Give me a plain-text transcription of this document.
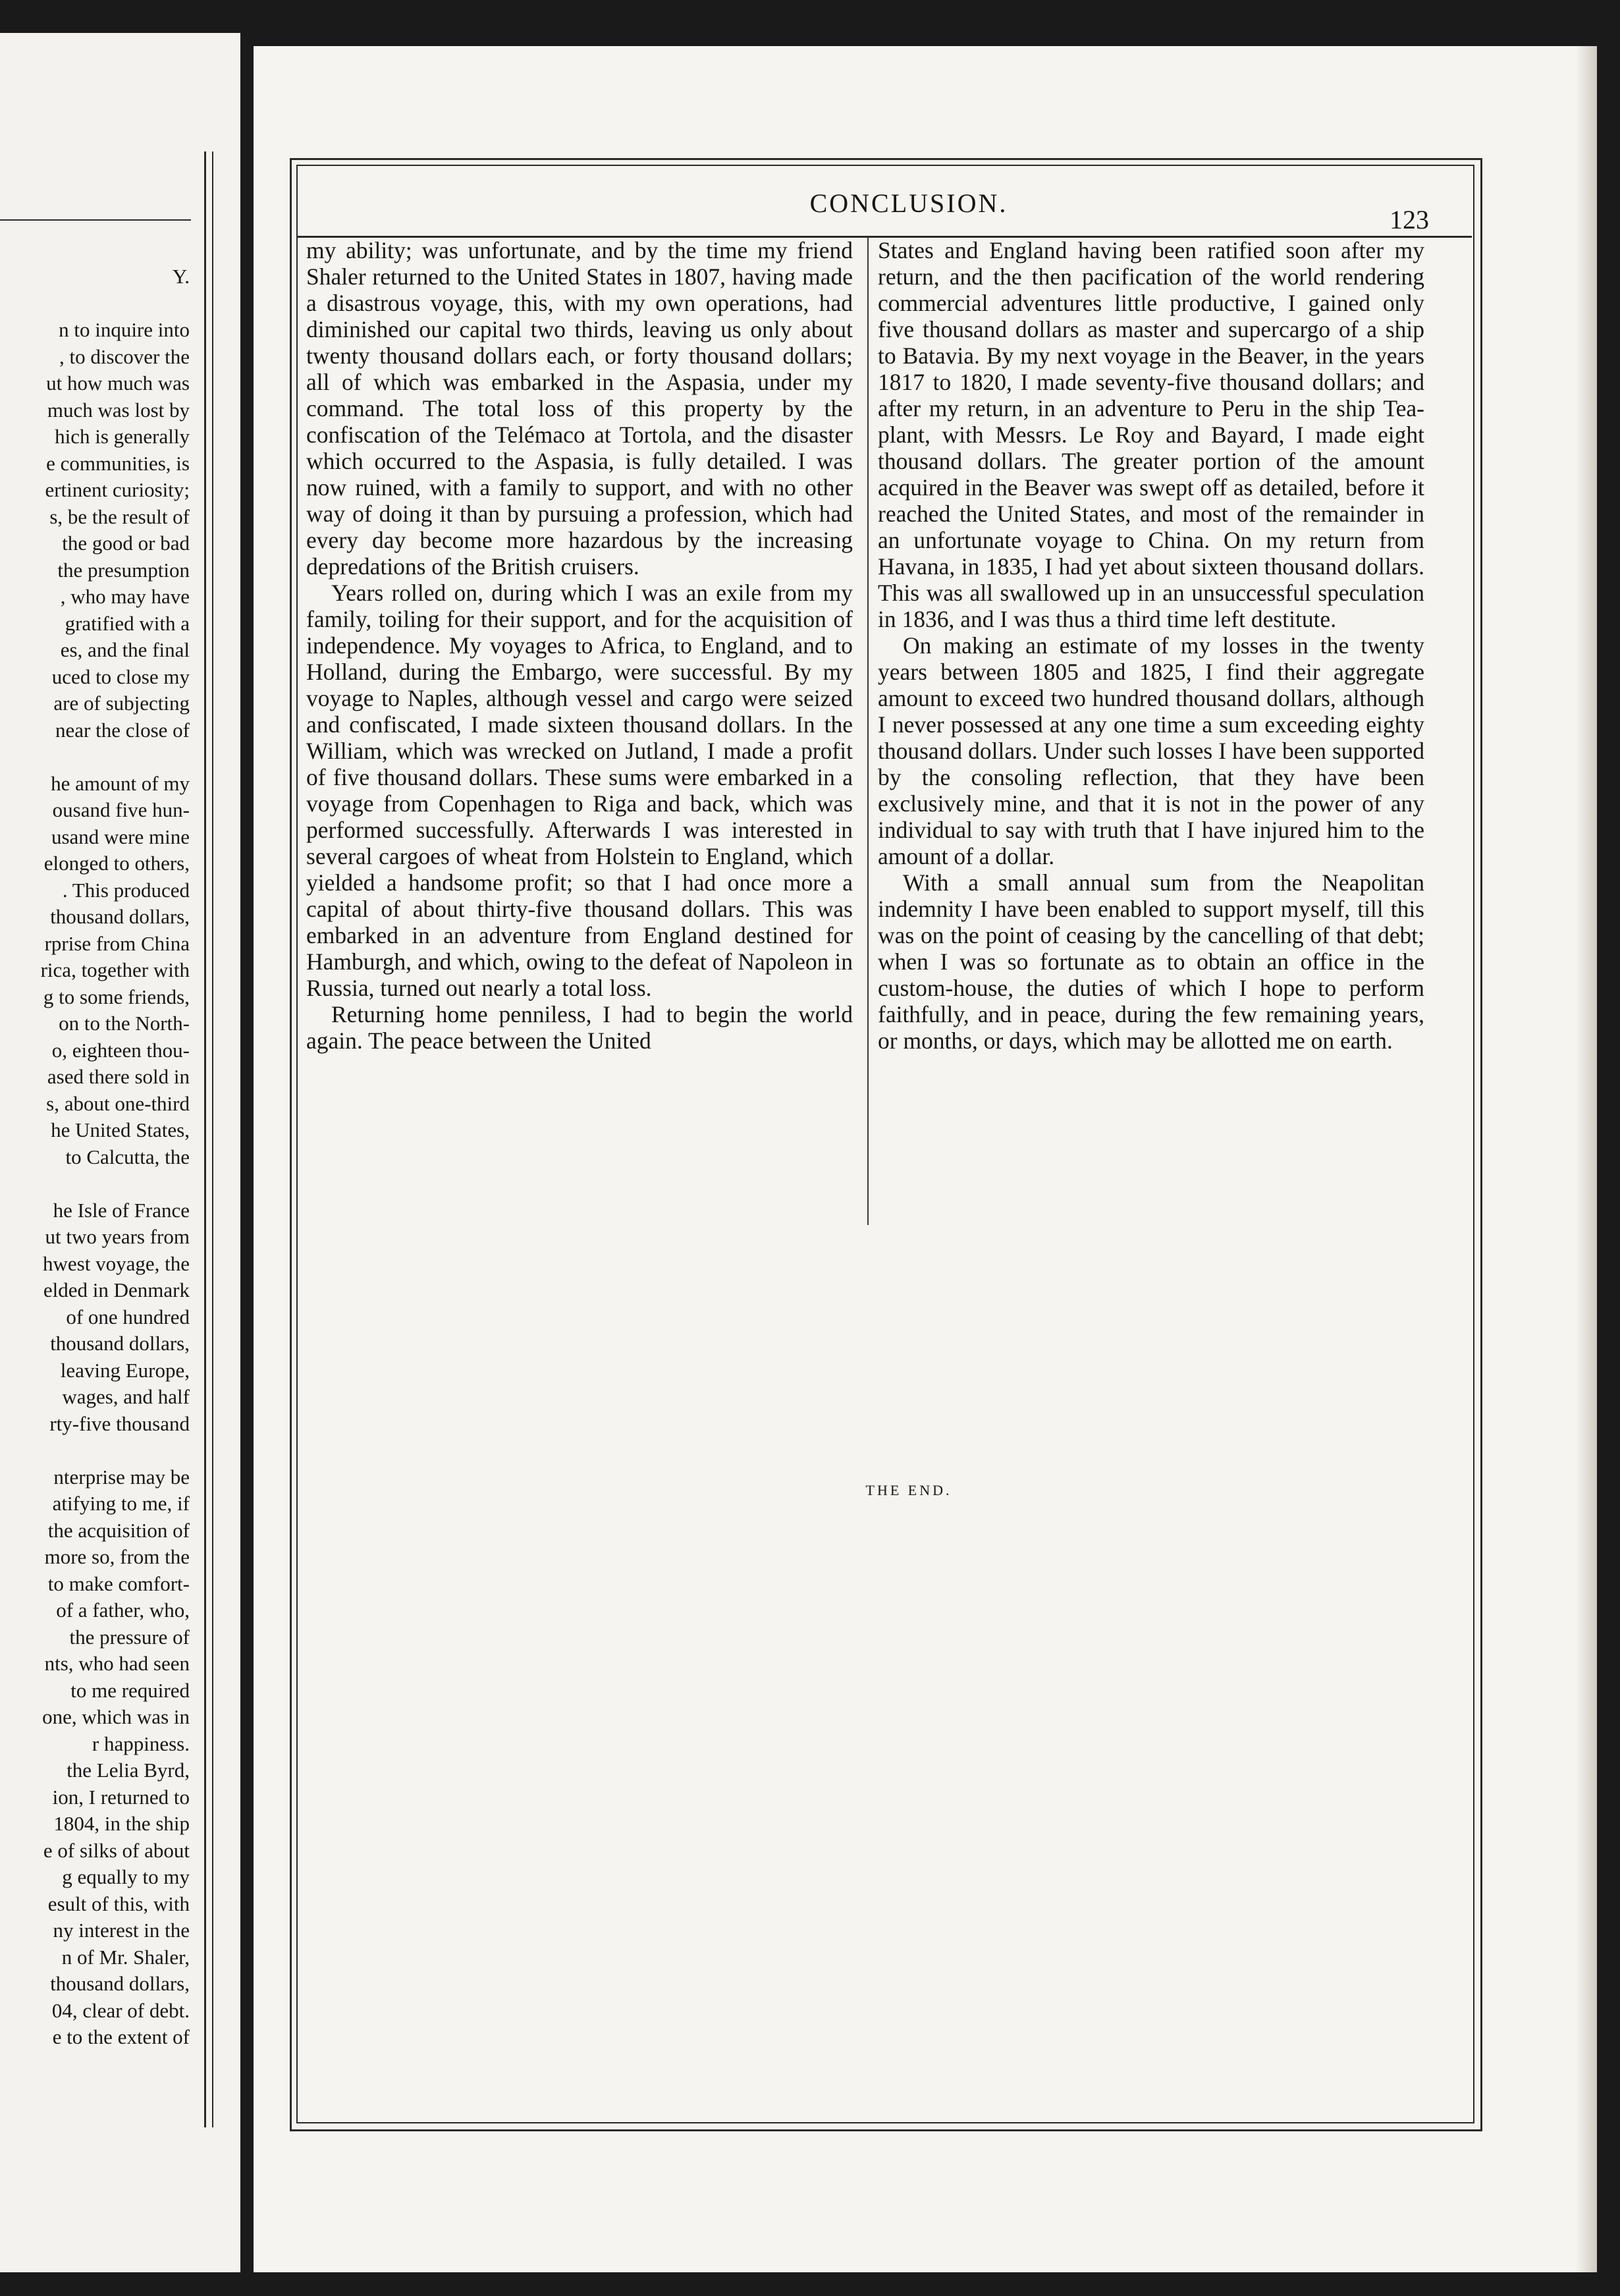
Y.
n to inquire into
, to discover the
ut how much was
much was lost by
hich is generally
e communities, is
ertinent curiosity;
s, be the result of
the good or bad
the presumption
, who may have
gratified with a
es, and the final
uced to close my
are of subjecting
near the close of
he amount of my
ousand five hun-
usand were mine
elonged to others,
. This produced
thousand dollars,
rprise from China
rica, together with
g to some friends,
on to the North-
o, eighteen thou-
ased there sold in
s, about one-third
he United States,
to Calcutta, the
he Isle of France
ut two years from
hwest voyage, the
elded in Denmark
of one hundred
thousand dollars,
leaving Europe,
wages, and half
rty-five thousand
nterprise may be
atifying to me, if
the acquisition of
more so, from the
to make comfort-
of a father, who,
the pressure of
nts, who had seen
to me required
one, which was in
r happiness.
the Lelia Byrd,
ion, I returned to
1804, in the ship
e of silks of about
g equally to my
esult of this, with
ny interest in the
n of Mr. Shaler,
thousand dollars,
04, clear of debt.
e to the extent of
CONCLUSION.
123

my ability; was unfortunate, and by the time my friend Shaler returned to the United States in 1807, having made a disastrous voyage, this, with my own operations, had diminished our capital two thirds, leaving us only about twenty thousand dollars each, or forty thousand dollars; all of which was embarked in the Aspasia, under my command. The total loss of this property by the confiscation of the Telémaco at Tortola, and the disaster which occurred to the Aspasia, is fully detailed. I was now ruined, with a family to support, and with no other way of doing it than by pursuing a profession, which had every day become more hazardous by the increasing depredations of the British cruisers.

Years rolled on, during which I was an exile from my family, toiling for their support, and for the acquisition of independence. My voyages to Africa, to England, and to Holland, during the Embargo, were successful. By my voyage to Naples, although vessel and cargo were seized and confiscated, I made sixteen thousand dollars. In the William, which was wrecked on Jutland, I made a profit of five thousand dollars. These sums were embarked in a voyage from Copenhagen to Riga and back, which was performed successfully. Afterwards I was interested in several cargoes of wheat from Holstein to England, which yielded a handsome profit; so that I had once more a capital of about thirty-five thousand dollars. This was embarked in an adventure from England destined for Hamburgh, and which, owing to the defeat of Napoleon in Russia, turned out nearly a total loss.

Returning home penniless, I had to begin the world again. The peace between the United

States and England having been ratified soon after my return, and the then pacification of the world rendering commercial adventures little productive, I gained only five thousand dollars as master and supercargo of a ship to Batavia. By my next voyage in the Beaver, in the years 1817 to 1820, I made seventy-five thousand dollars; and after my return, in an adventure to Peru in the ship Tea-plant, with Messrs. Le Roy and Bayard, I made eight thousand dollars. The greater portion of the amount acquired in the Beaver was swept off as detailed, before it reached the United States, and most of the remainder in an unfortunate voyage to China. On my return from Havana, in 1835, I had yet about sixteen thousand dollars. This was all swallowed up in an unsuccessful speculation in 1836, and I was thus a third time left destitute.

On making an estimate of my losses in the twenty years between 1805 and 1825, I find their aggregate amount to exceed two hundred thousand dollars, although I never possessed at any one time a sum exceeding eighty thousand dollars. Under such losses I have been supported by the consoling reflection, that they have been exclusively mine, and that it is not in the power of any individual to say with truth that I have injured him to the amount of a dollar.

With a small annual sum from the Neapolitan indemnity I have been enabled to support myself, till this was on the point of ceasing by the cancelling of that debt; when I was so fortunate as to obtain an office in the custom-house, the duties of which I hope to perform faithfully, and in peace, during the few remaining years, or months, or days, which may be allotted me on earth.

THE END.
